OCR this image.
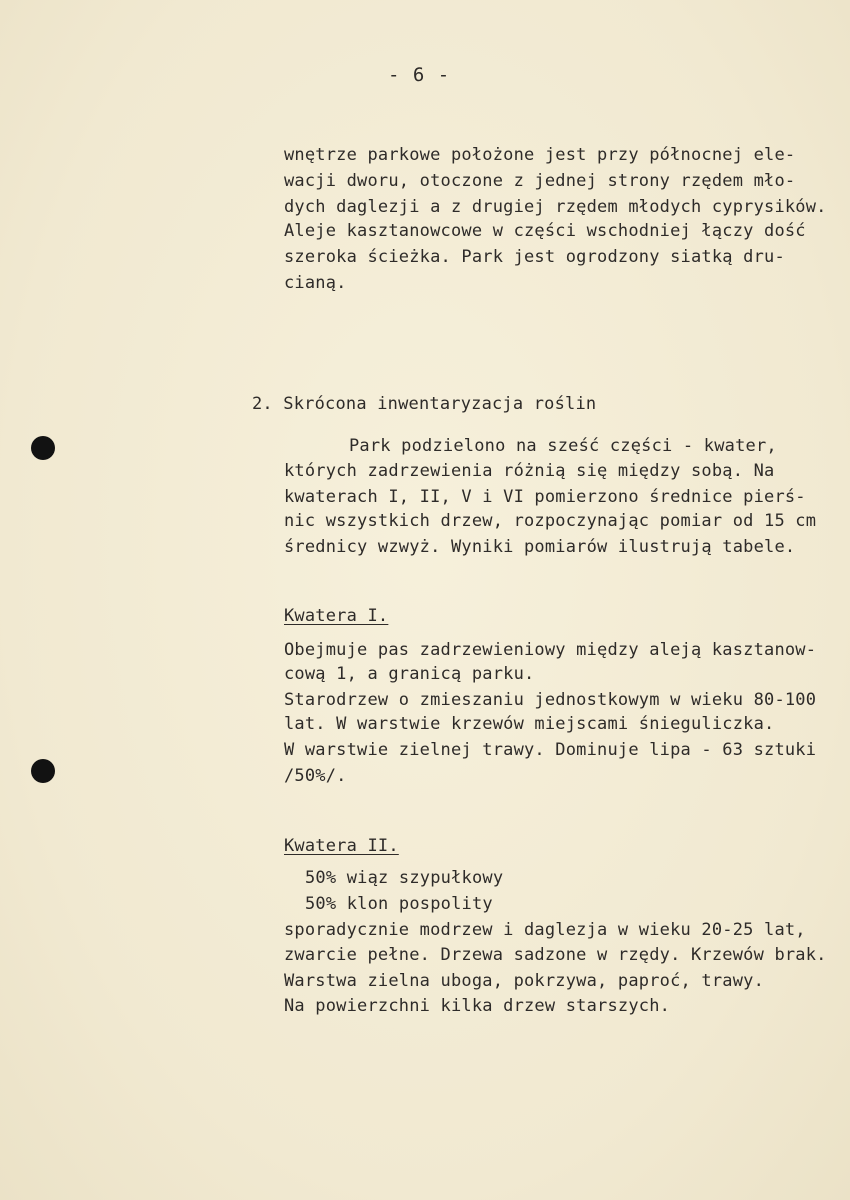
- 6 -
wnętrze parkowe położone jest przy północnej ele-
wacji dworu, otoczone z jednej strony rzędem mło-
dych daglezji a z drugiej rzędem młodych cyprysików.
Aleje kasztanowcowe w części wschodniej łączy dość
szeroka ścieżka. Park jest ogrodzony siatką dru-
cianą.
2. Skrócona inwentaryzacja roślin
Park podzielono na sześć części - kwater,
których zadrzewienia różnią się między sobą. Na
kwaterach I, II, V i VI pomierzono średnice pierś-
nic wszystkich drzew, rozpoczynając pomiar od 15 cm
średnicy wzwyż. Wyniki pomiarów ilustrują tabele.
Kwatera I.
Obejmuje pas zadrzewieniowy między aleją kasztanow-
cową 1, a granicą parku.
Starodrzew o zmieszaniu jednostkowym w wieku 80-100
lat. W warstwie krzewów miejscami śnieguliczka.
W warstwie zielnej trawy. Dominuje lipa - 63 sztuki
/50%/.
Kwatera II.
50% wiąz szypułkowy
50% klon pospolity
sporadycznie modrzew i daglezja w wieku 20-25 lat,
zwarcie pełne. Drzewa sadzone w rzędy. Krzewów brak.
Warstwa zielna uboga, pokrzywa, paproć, trawy.
Na powierzchni kilka drzew starszych.
